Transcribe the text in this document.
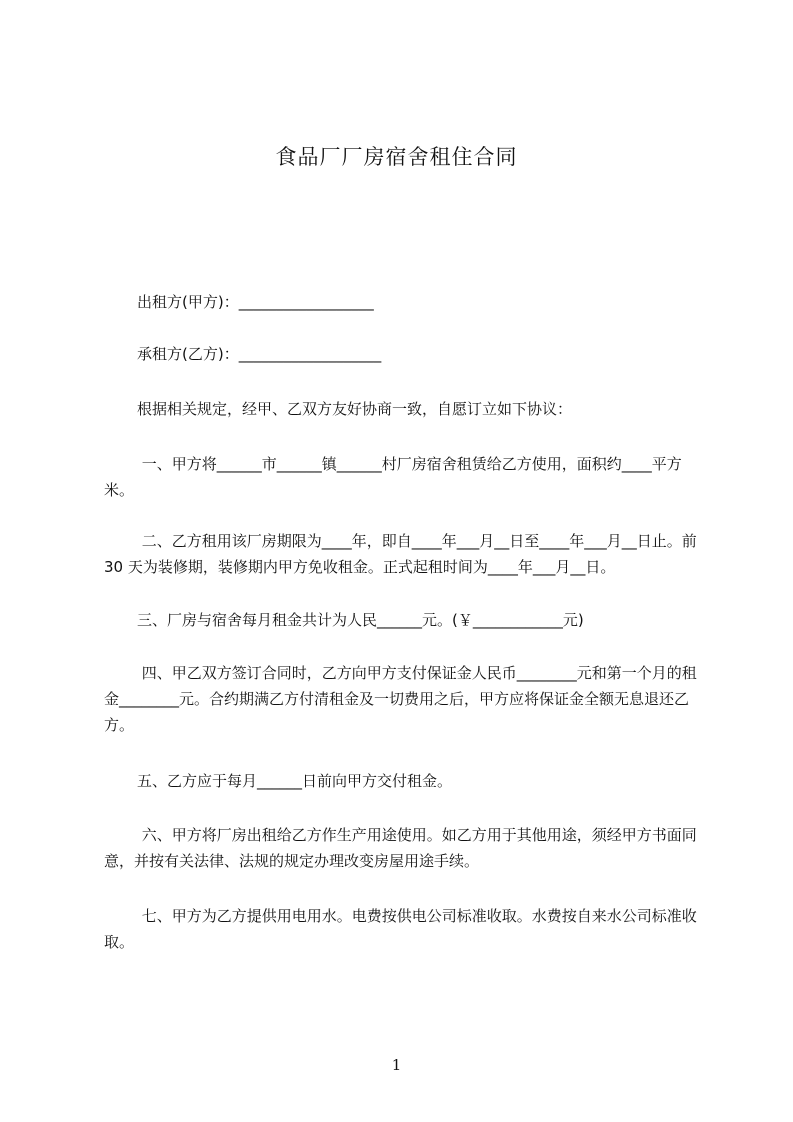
食品厂厂房宿舍租住合同
出租方(甲方)：__________________
承租方(乙方)：___________________
根据相关规定，经甲、乙双方友好协商一致，自愿订立如下协议：
一、甲方将______市______镇______村厂房宿舍租赁给乙方使用，面积约____平方米。
二、乙方租用该厂房期限为____年，即自____年___月__日至____年___月__日止。前 30 天为装修期，装修期内甲方免收租金。正式起租时间为____年___月__日。
三、厂房与宿舍每月租金共计为人民______元。(￥____________元)
四、甲乙双方签订合同时，乙方向甲方支付保证金人民币________元和第一个月的租金________元。合约期满乙方付清租金及一切费用之后，甲方应将保证金全额无息退还乙方。
五、乙方应于每月______日前向甲方交付租金。
六、甲方将厂房出租给乙方作生产用途使用。如乙方用于其他用途，须经甲方书面同意，并按有关法律、法规的规定办理改变房屋用途手续。
七、甲方为乙方提供用电用水。电费按供电公司标准收取。水费按自来水公司标准收取。
1
